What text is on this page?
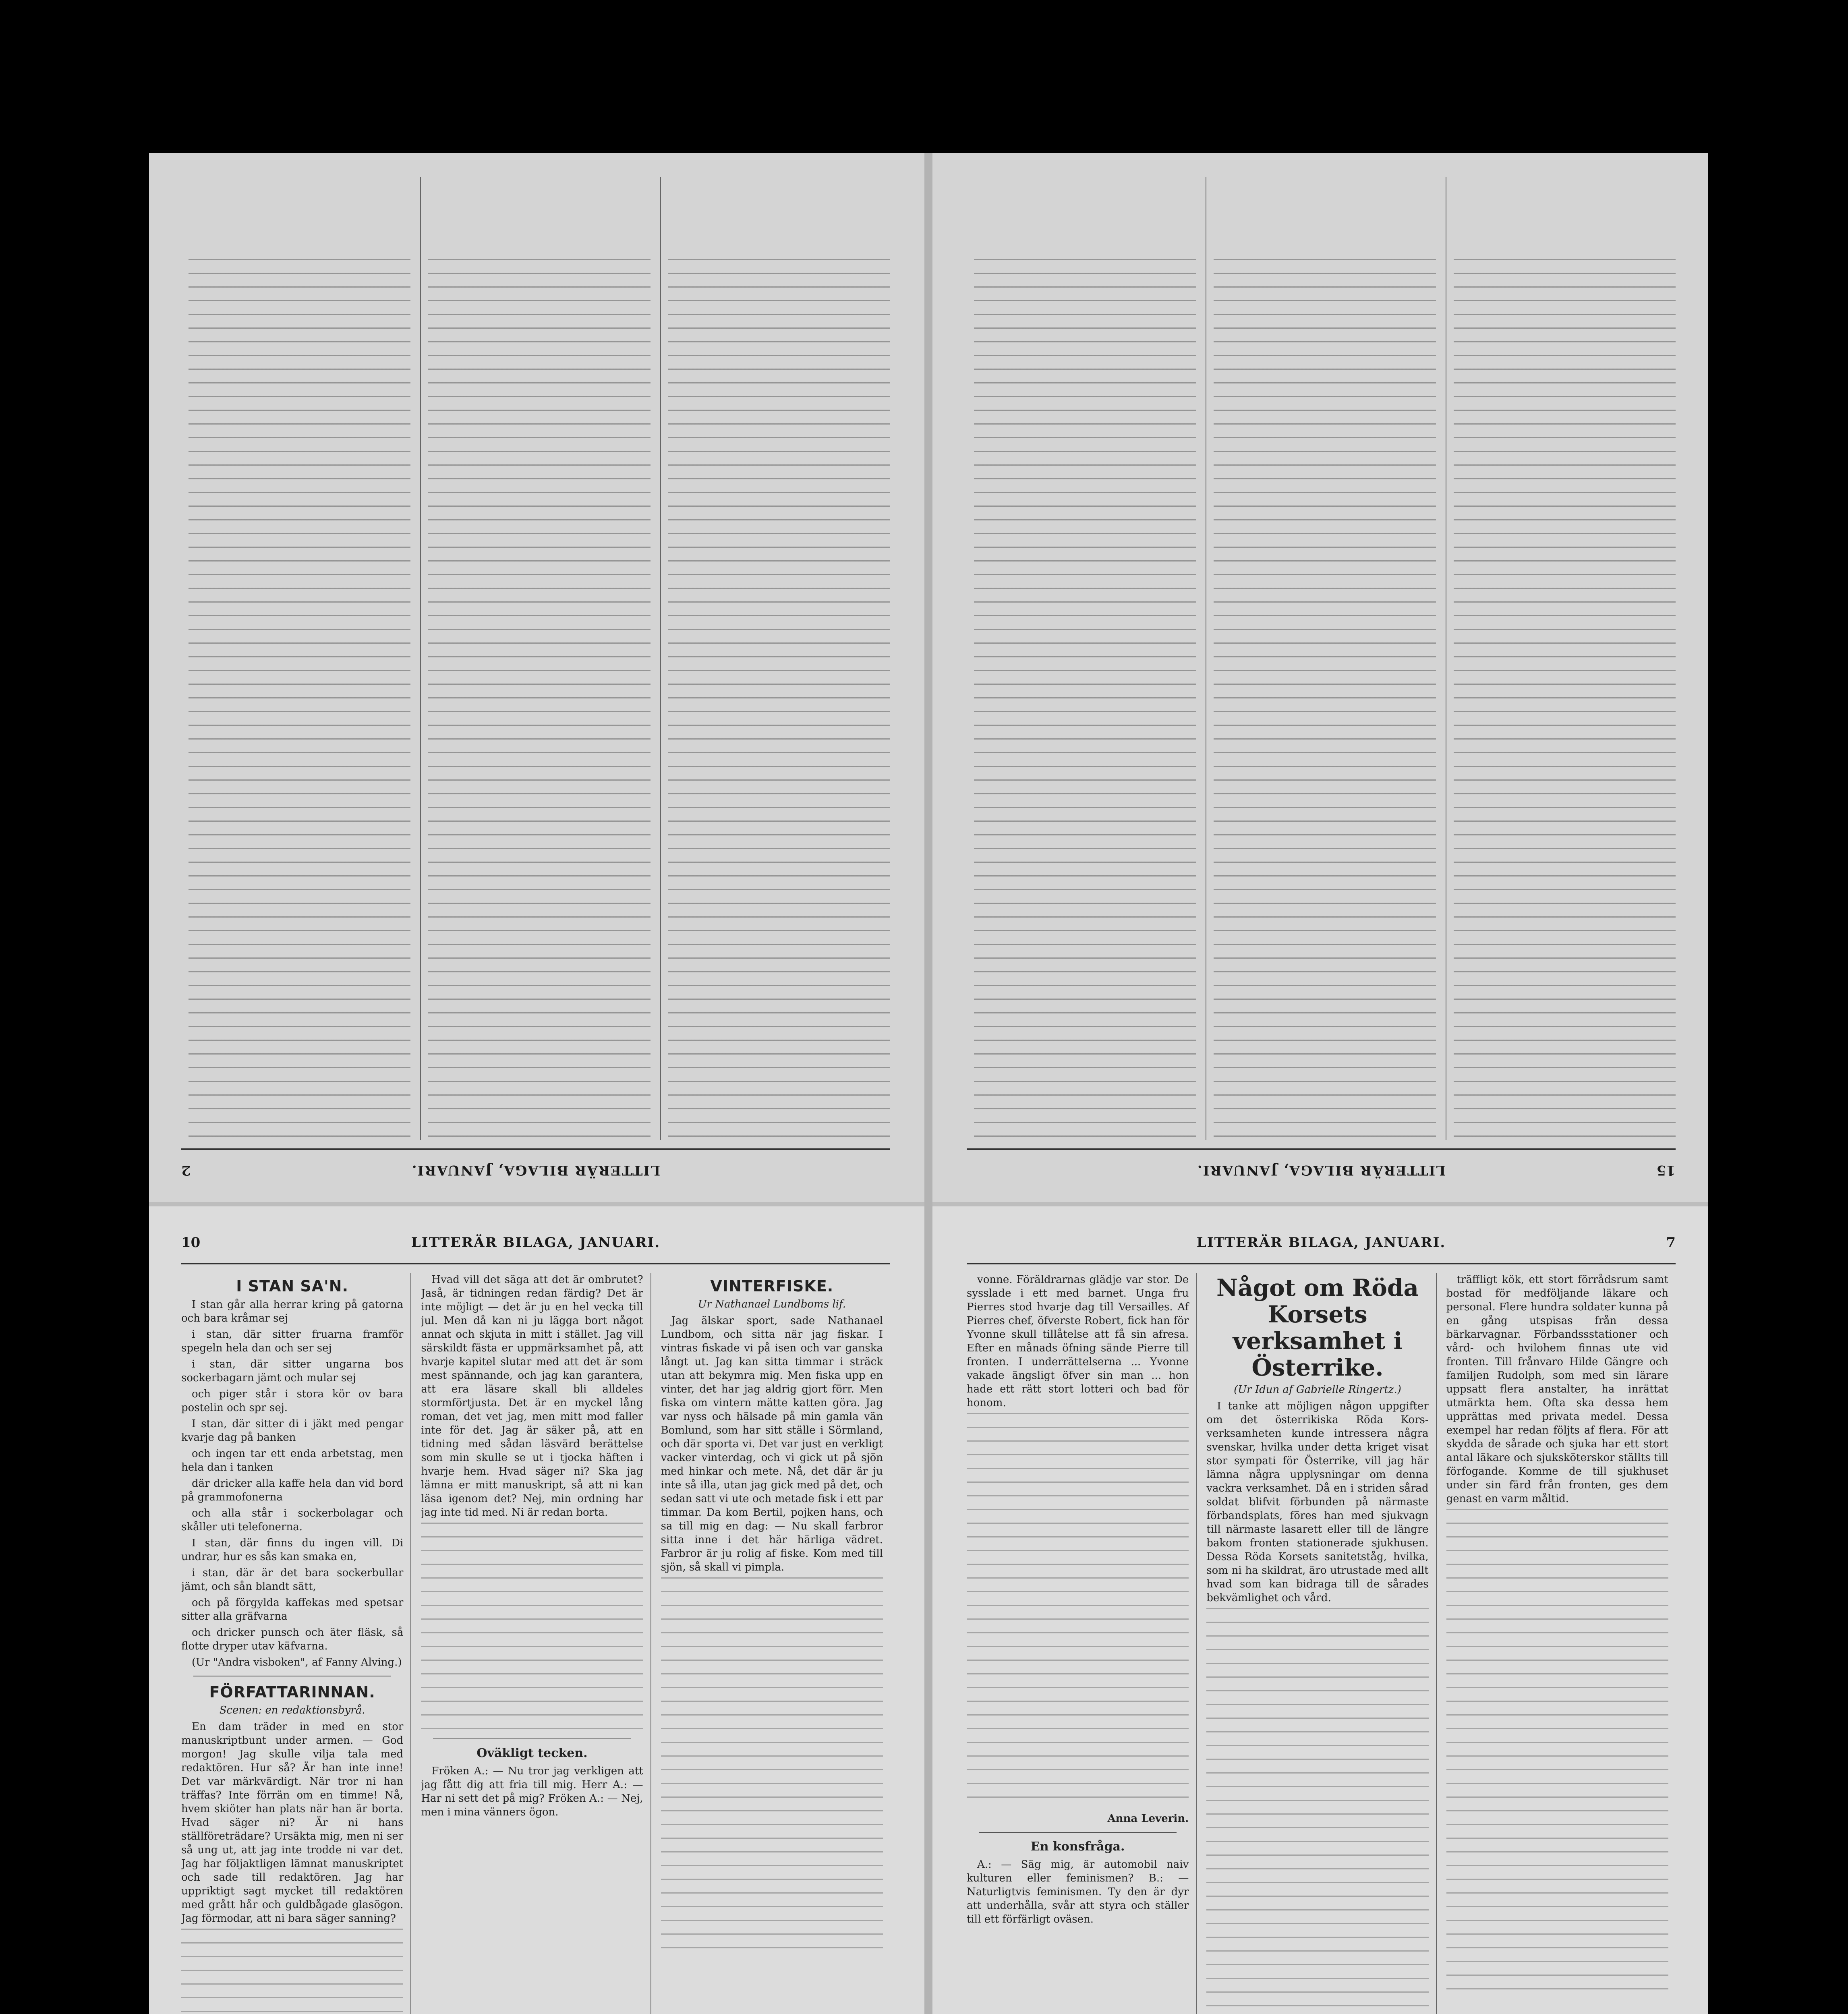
15
LITTERÄR BILAGA, JANUARI.
LITTERÄR BILAGA, JANUARI.
2
10	LITTERÄR BILAGA, JANUARI.
I STAN SA'N.

I stan går alla herrar kring på gatorna och bara kråmar sej

i stan, där sitter fruarna framför spegeln hela dan och ser sej

i stan, där sitter ungarna bos sockerbagarn jämt och mular sej

och piger står i stora kör ov bara postelin och spr sej.

I stan, där sitter di i jäkt med pengar kvarje dag på banken

och ingen tar ett enda arbetstag, men hela dan i tanken

där dricker alla kaffe hela dan vid bord på grammofonerna

och alla står i sockerbolagar och skåller uti telefonerna.

I stan, där finns du ingen vill. Di undrar, hur es sås kan smaka en,

i stan, där är det bara sockerbullar jämt, och sån blandt sätt,

och på förgylda kaffekas med spetsar sitter alla gräfvarna

och dricker punsch och äter fläsk, så flotte dryper utav käfvarna.

(Ur "Andra visboken", af Fanny Alving.)

FÖRFATTARINNAN.
Scenen: en redaktionsbyrå.

En dam träder in med en stor manuskriptbunt under armen. — God morgon! Jag skulle vilja tala med redaktören. Hur så? Är han inte inne! Det var märkvärdigt. När tror ni han träffas? Inte förrän om en timme! Nå, hvem skiöter han plats när han är borta. Hvad säger ni? Är ni hans ställföreträdare? Ursäkta mig, men ni ser så ung ut, att jag inte trodde ni var det. Jag har följaktligen lämnat manuskriptet och sade till redaktören. Jag har uppriktigt sagt mycket till redaktören med grått hår och guldbågade glasögon. Jag förmodar, att ni bara säger sanning?

Hvad vill det säga att det är ombrutet? Jaså, är tidningen redan färdig? Det är inte möjligt — det är ju en hel vecka till jul. Men då kan ni ju lägga bort något annat och skjuta in mitt i stället. Jag vill särskildt fästa er uppmärksamhet på, att hvarje kapitel slutar med att det är som mest spännande, och jag kan garantera, att era läsare skall bli alldeles stormförtjusta. Det är en myckel lång roman, det vet jag, men mitt mod faller inte för det. Jag är säker på, att en tidning med sådan läsvärd berättelse som min skulle se ut i tjocka häften i hvarje hem. Hvad säger ni? Ska jag lämna er mitt manuskript, så att ni kan läsa igenom det? Nej, min ordning har jag inte tid med. Ni är redan borta.

Oväkligt tecken.

Fröken A.: — Nu tror jag verkligen att jag fått dig att fria till mig. Herr A.: — Har ni sett det på mig? Fröken A.: — Nej, men i mina vänners ögon.

VINTERFISKE.
Ur Nathanael Lundboms lif.

Jag älskar sport, sade Nathanael Lundbom, och sitta när jag fiskar. I vintras fiskade vi på isen och var ganska långt ut. Jag kan sitta timmar i sträck utan att bekymra mig. Men fiska upp en vinter, det har jag aldrig gjort förr. Men fiska om vintern mätte katten göra. Jag var nyss och hälsade på min gamla vän Bomlund, som har sitt ställe i Sörmland, och där sporta vi. Det var just en verkligt vacker vinterdag, och vi gick ut på sjön med hinkar och mete. Nå, det där är ju inte så illa, utan jag gick med på det, och sedan satt vi ute och metade fisk i ett par timmar. Da kom Bertil, pojken hans, och sa till mig en dag: — Nu skall farbror sitta inne i det här härliga vädret. Farbror är ju rolig af fiske. Kom med till sjön, så skall vi pimpla.

LITTERÄR BILAGA, JANUARI.	7

vonne. Föräldrarnas glädje var stor. De sysslade i ett med barnet. Unga fru Pierres stod hvarje dag till Versailles. Af Pierres chef, öfverste Robert, fick han för Yvonne skull tillåtelse att få sin afresa. Efter en månads öfning sände Pierre till fronten. I underrättelserna ... Yvonne vakade ängsligt öfver sin man ... hon hade ett rätt stort lotteri och bad för honom.

Anna Leverin.

En konsfråga.

A.: — Säg mig, är automobil naiv kulturen eller feminismen? B.: — Naturligtvis feminismen. Ty den är dyr att underhålla, svår att styra och ställer till ett förfärligt oväsen.

Något om Röda Korsets verksamhet i Österrike.
(Ur Idun af Gabrielle Ringertz.)

I tanke att möjligen någon uppgifter om det österrikiska Röda Kors-verksamheten kunde intressera några svenskar, hvilka under detta kriget visat stor sympati för Österrike, vill jag här lämna några upplysningar om denna vackra verksamhet. Då en i striden sårad soldat blifvit förbunden på närmaste förbandsplats, föres han med sjukvagn till närmaste lasarett eller till de längre bakom fronten stationerade sjukhusen. Dessa Röda Korsets sanitetståg, hvilka, som ni ha skildrat, äro utrustade med allt hvad som kan bidraga till de sårades bekvämlighet och vård.

träffligt kök, ett stort förrådsrum samt bostad för medföljande läkare och personal. Flere hundra soldater kunna på en gång utspisas från dessa bärkarvagnar. Förbandssstationer och vård- och hvilohem finnas ute vid fronten. Till frånvaro Hilde Gängre och familjen Rudolph, som med sin lärare uppsatt flera anstalter, ha inrättat utmärkta hem. Ofta ska dessa hem upprättas med privata medel. Dessa exempel har redan följts af flera. För att skydda de sårade och sjuka har ett stort antal läkare och sjuksköterskor ställts till förfogande. Komme de till sjukhuset under sin färd från fronten, ges dem genast en varm måltid.
